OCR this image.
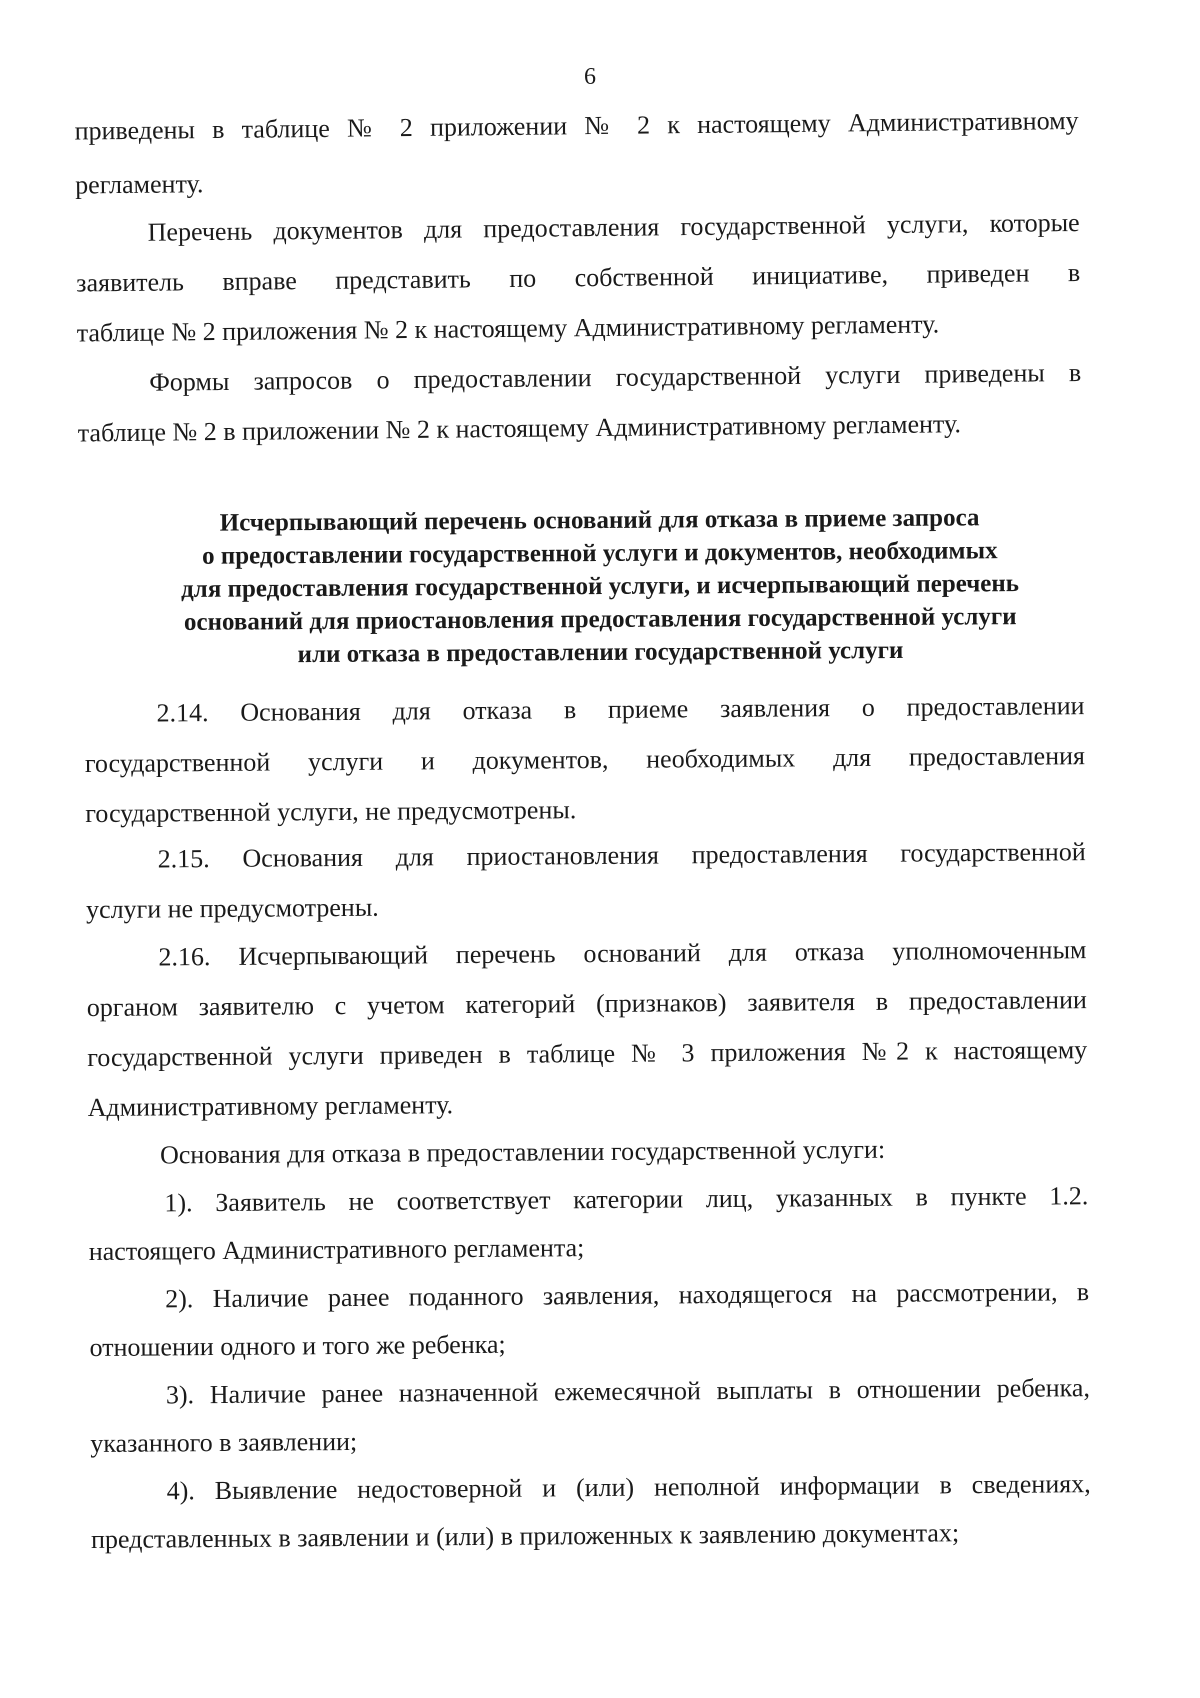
6
приведены в таблице № 2 приложении № 2 к настоящему Административному
регламенту.
Перечень документов для предоставления государственной услуги, которые
заявитель вправе представить по собственной инициативе, приведен в
таблице № 2 приложения № 2 к настоящему Административному регламенту.
Формы запросов о предоставлении государственной услуги приведены в
таблице № 2 в приложении № 2 к настоящему Административному регламенту.
Исчерпывающий перечень оснований для отказа в приеме запроса
о предоставлении государственной услуги и документов, необходимых
для предоставления государственной услуги, и исчерпывающий перечень
оснований для приостановления предоставления государственной услуги
или отказа в предоставлении государственной услуги
2.14. Основания для отказа в приеме заявления о предоставлении
государственной услуги и документов, необходимых для предоставления
государственной услуги, не предусмотрены.
2.15. Основания для приостановления предоставления государственной
услуги не предусмотрены.
2.16. Исчерпывающий перечень оснований для отказа уполномоченным
органом заявителю с учетом категорий (признаков) заявителя в предоставлении
государственной услуги приведен в таблице № 3 приложения №2 к настоящему
Административному регламенту.
Основания для отказа в предоставлении государственной услуги:
1). Заявитель не соответствует категории лиц, указанных в пункте 1.2.
настоящего Административного регламента;
2). Наличие ранее поданного заявления, находящегося на рассмотрении, в
отношении одного и того же ребенка;
3). Наличие ранее назначенной ежемесячной выплаты в отношении ребенка,
указанного в заявлении;
4). Выявление недостоверной и (или) неполной информации в сведениях,
представленных в заявлении и (или) в приложенных к заявлению документах;
